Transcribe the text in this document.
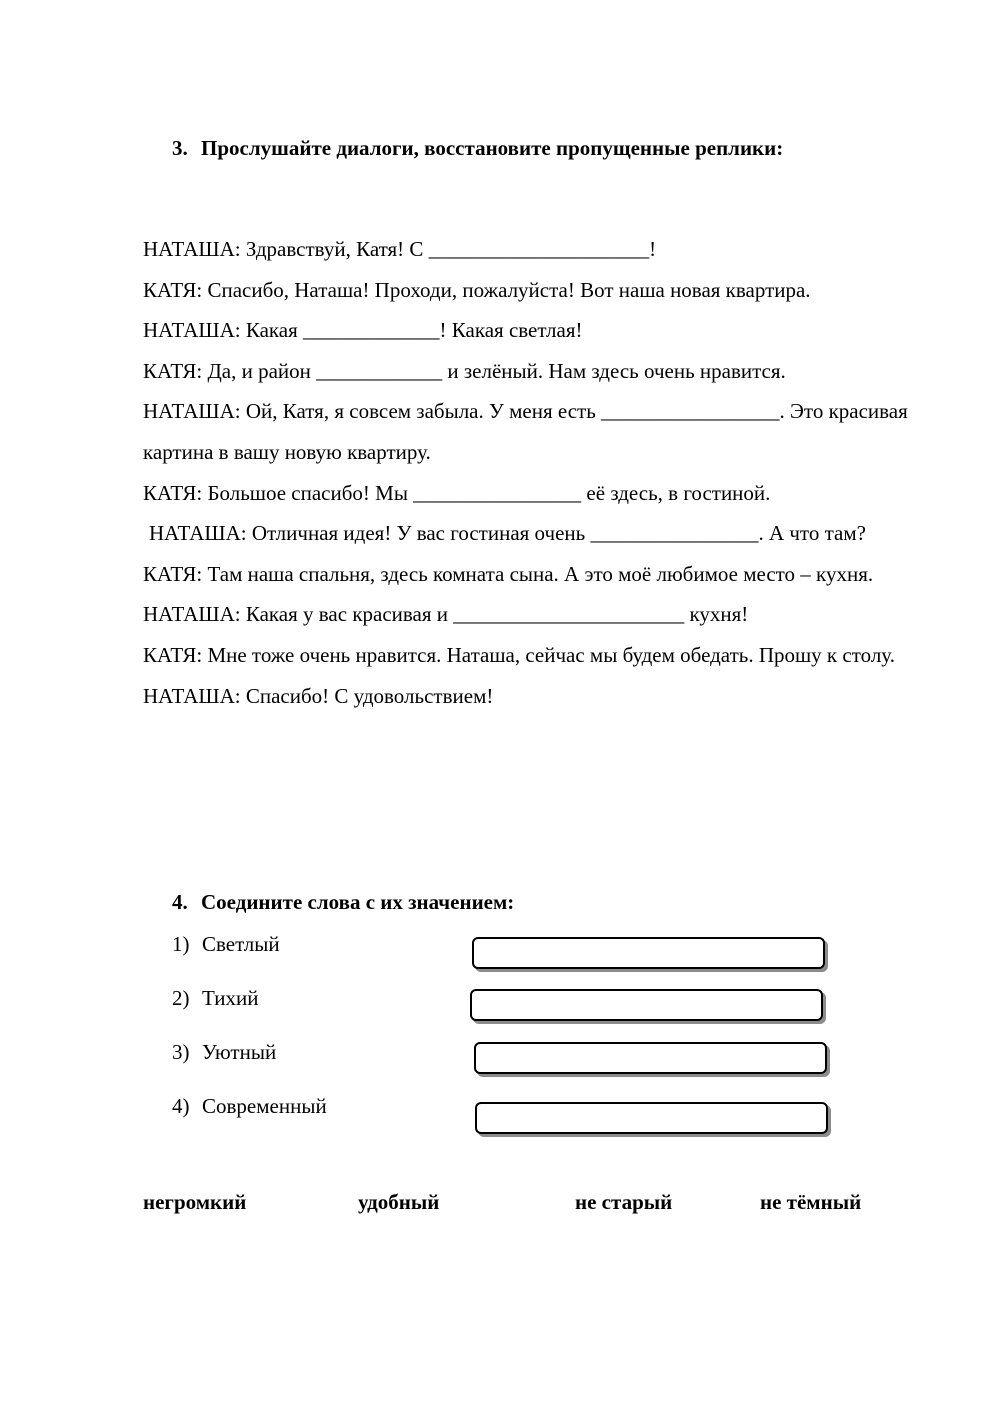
3. Прослушайте диалоги, восстановите пропущенные реплики:

НАТАША: Здравствуй, Катя! С _____________________!

КАТЯ: Спасибо, Наташа! Проходи, пожалуйста! Вот наша новая квартира.

НАТАША: Какая _____________! Какая светлая!

КАТЯ: Да, и район ____________ и зелёный. Нам здесь очень нравится.

НАТАША: Ой, Катя, я совсем забыла. У меня есть _________________. Это красивая картина в вашу новую квартиру.

КАТЯ: Большое спасибо! Мы ________________ её здесь, в гостиной.

НАТАША: Отличная идея! У вас гостиная очень ________________. А что там?

КАТЯ: Там наша спальня, здесь комната сына. А это моё любимое место – кухня.

НАТАША: Какая у вас красивая и ______________________ кухня!

КАТЯ: Мне тоже очень нравится. Наташа, сейчас мы будем обедать. Прошу к столу.

НАТАША: Спасибо! С удовольствием!

4. Соедините слова с их значением:
1) Светлый
2) Тихий
3) Уютный
4) Современный
негромкий	удобный	не старый	не тёмный
